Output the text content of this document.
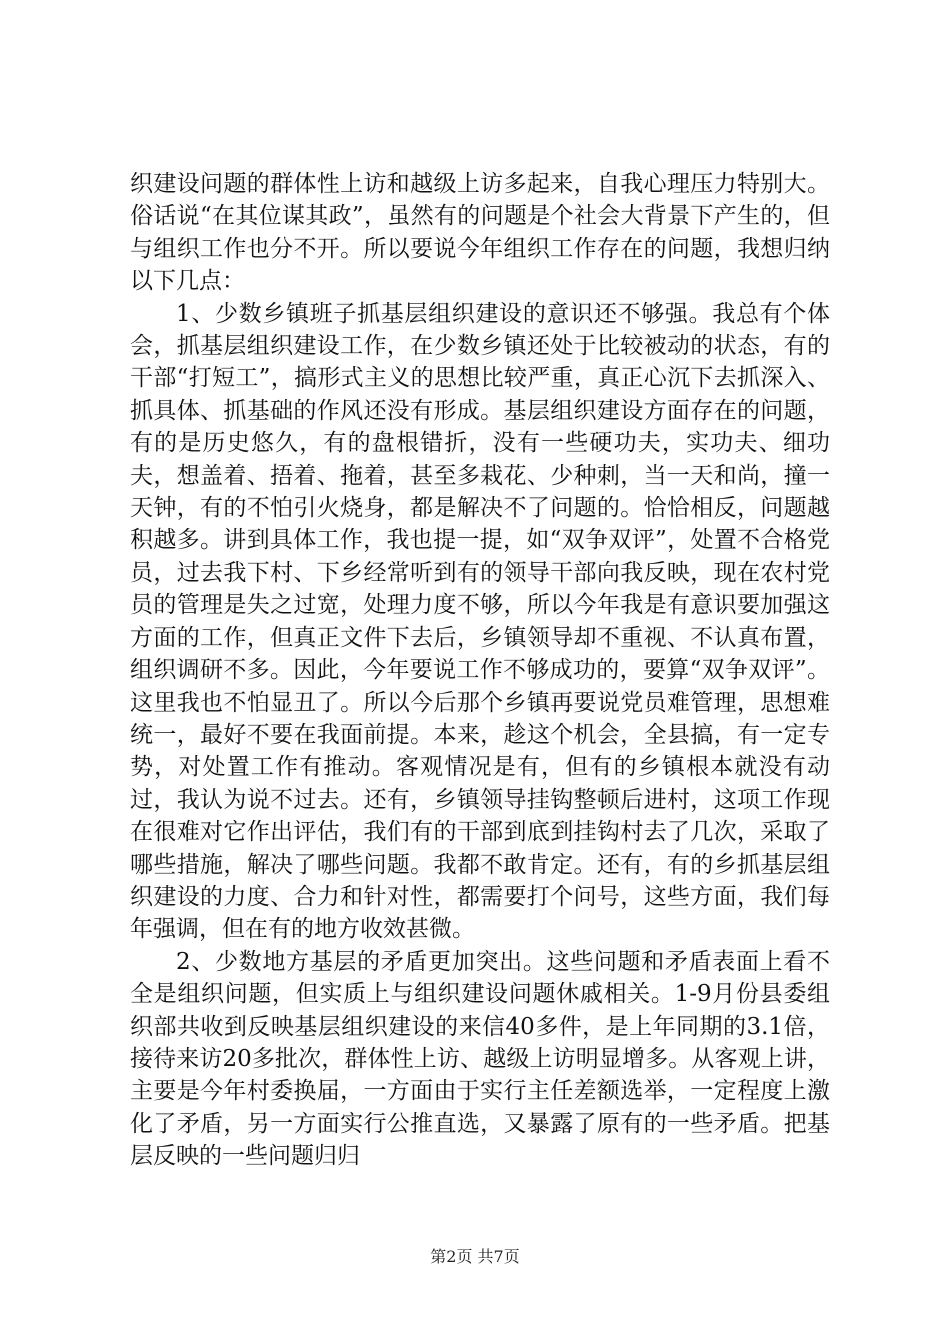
织建设问题的群体性上访和越级上访多起来，自我心理压力特别大。俗话说“在其位谋其政”，虽然有的问题是个社会大背景下产生的，但与组织工作也分不开。所以要说今年组织工作存在的问题，我想归纳以下几点：

1、少数乡镇班子抓基层组织建设的意识还不够强。我总有个体会，抓基层组织建设工作，在少数乡镇还处于比较被动的状态，有的干部“打短工”，搞形式主义的思想比较严重，真正心沉下去抓深入、抓具体、抓基础的作风还没有形成。基层组织建设方面存在的问题，有的是历史悠久，有的盘根错折，没有一些硬功夫，实功夫、细功夫，想盖着、捂着、拖着，甚至多栽花、少种刺，当一天和尚，撞一天钟，有的不怕引火烧身，都是解决不了问题的。恰恰相反，问题越积越多。讲到具体工作，我也提一提，如“双争双评”，处置不合格党员，过去我下村、下乡经常听到有的领导干部向我反映，现在农村党员的管理是失之过宽，处理力度不够，所以今年我是有意识要加强这方面的工作，但真正文件下去后，乡镇领导却不重视、不认真布置，组织调研不多。因此，今年要说工作不够成功的，要算“双争双评”。这里我也不怕显丑了。所以今后那个乡镇再要说党员难管理，思想难统一，最好不要在我面前提。本来，趁这个机会，全县搞，有一定专势，对处置工作有推动。客观情况是有，但有的乡镇根本就没有动过，我认为说不过去。还有，乡镇领导挂钩整顿后进村，这项工作现在很难对它作出评估，我们有的干部到底到挂钩村去了几次，采取了哪些措施，解决了哪些问题。我都不敢肯定。还有，有的乡抓基层组织建设的力度、合力和针对性，都需要打个问号，这些方面，我们每年强调，但在有的地方收效甚微。

2、少数地方基层的矛盾更加突出。这些问题和矛盾表面上看不全是组织问题，但实质上与组织建设问题休戚相关。1-9月份县委组织部共收到反映基层组织建设的来信40多件，是上年同期的3.1倍，接待来访20多批次，群体性上访、越级上访明显增多。从客观上讲，主要是今年村委换届，一方面由于实行主任差额选举，一定程度上激化了矛盾，另一方面实行公推直选，又暴露了原有的一些矛盾。把基层反映的一些问题归归

第2页 共7页
